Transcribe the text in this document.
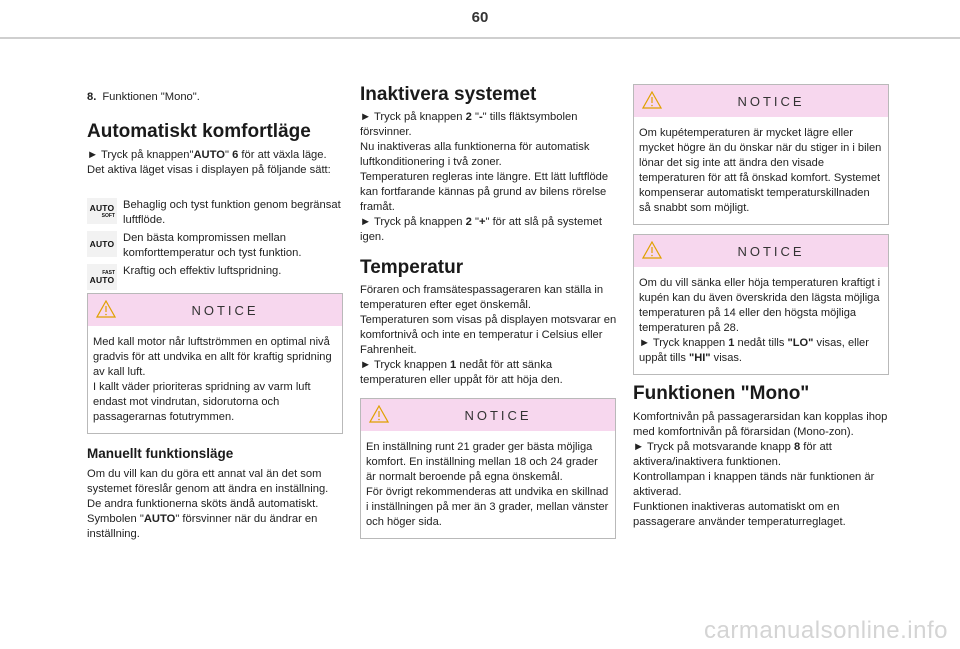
60
8. Funktionen "Mono".
Automatiskt komfortläge
► Tryck på knappen"AUTO" 6 för att växla läge. Det aktiva läget visas i displayen på följande sätt:
AUTO
SOFT
Behaglig och tyst funktion genom begränsat luftflöde.
AUTO Den bästa kompromissen mellan komforttemperatur och tyst funktion.
FAST
AUTO
Kraftig och effektiv luftspridning.
NOTICE
Med kall motor når luftströmmen en optimal nivå gradvis för att undvika en allt för kraftig spridning av kall luft.
I kallt väder prioriteras spridning av varm luft endast mot vindrutan, sidorutorna och passagerarnas fotutrymmen.
Manuellt funktionsläge
Om du vill kan du göra ett annat val än det som systemet föreslår genom att ändra en inställning. De andra funktionerna sköts ändå automatiskt. Symbolen "AUTO" försvinner när du ändrar en inställning.
Inaktivera systemet
► Tryck på knappen 2 "-" tills fläktsymbolen försvinner.
Nu inaktiveras alla funktionerna för automatisk luftkonditionering i två zoner.
Temperaturen regleras inte längre. Ett lätt luftflöde kan fortfarande kännas på grund av bilens rörelse framåt.
► Tryck på knappen 2 "+" för att slå på systemet igen.
Temperatur
Föraren och framsätespassageraren kan ställa in temperaturen efter eget önskemål.
Temperaturen som visas på displayen motsvarar en komfortnivå och inte en temperatur i Celsius eller Fahrenheit.
► Tryck knappen 1 nedåt för att sänka temperaturen eller uppåt för att höja den.
NOTICE
En inställning runt 21 grader ger bästa möjliga komfort. En inställning mellan 18 och 24 grader är normalt beroende på egna önskemål.
För övrigt rekommenderas att undvika en skillnad i inställningen på mer än 3 grader, mellan vänster och höger sida.
NOTICE
Om kupétemperaturen är mycket lägre eller mycket högre än du önskar när du stiger in i bilen lönar det sig inte att ändra den visade temperaturen för att få önskad komfort. Systemet kompenserar automatiskt temperaturskillnaden så snabbt som möjligt.
NOTICE
Om du vill sänka eller höja temperaturen kraftigt i kupén kan du även överskrida den lägsta möjliga temperaturen på 14 eller den högsta möjliga temperaturen på 28.
► Tryck knappen 1 nedåt tills "LO" visas, eller uppåt tills "HI" visas.
Funktionen "Mono"
Komfortnivån på passagerarsidan kan kopplas ihop med komfortnivån på förarsidan (Mono-zon).
► Tryck på motsvarande knapp 8 för att aktivera/inaktivera funktionen.
Kontrollampan i knappen tänds när funktionen är aktiverad.
Funktionen inaktiveras automatiskt om en passagerare använder temperaturreglaget.
carmanualsonline.info
